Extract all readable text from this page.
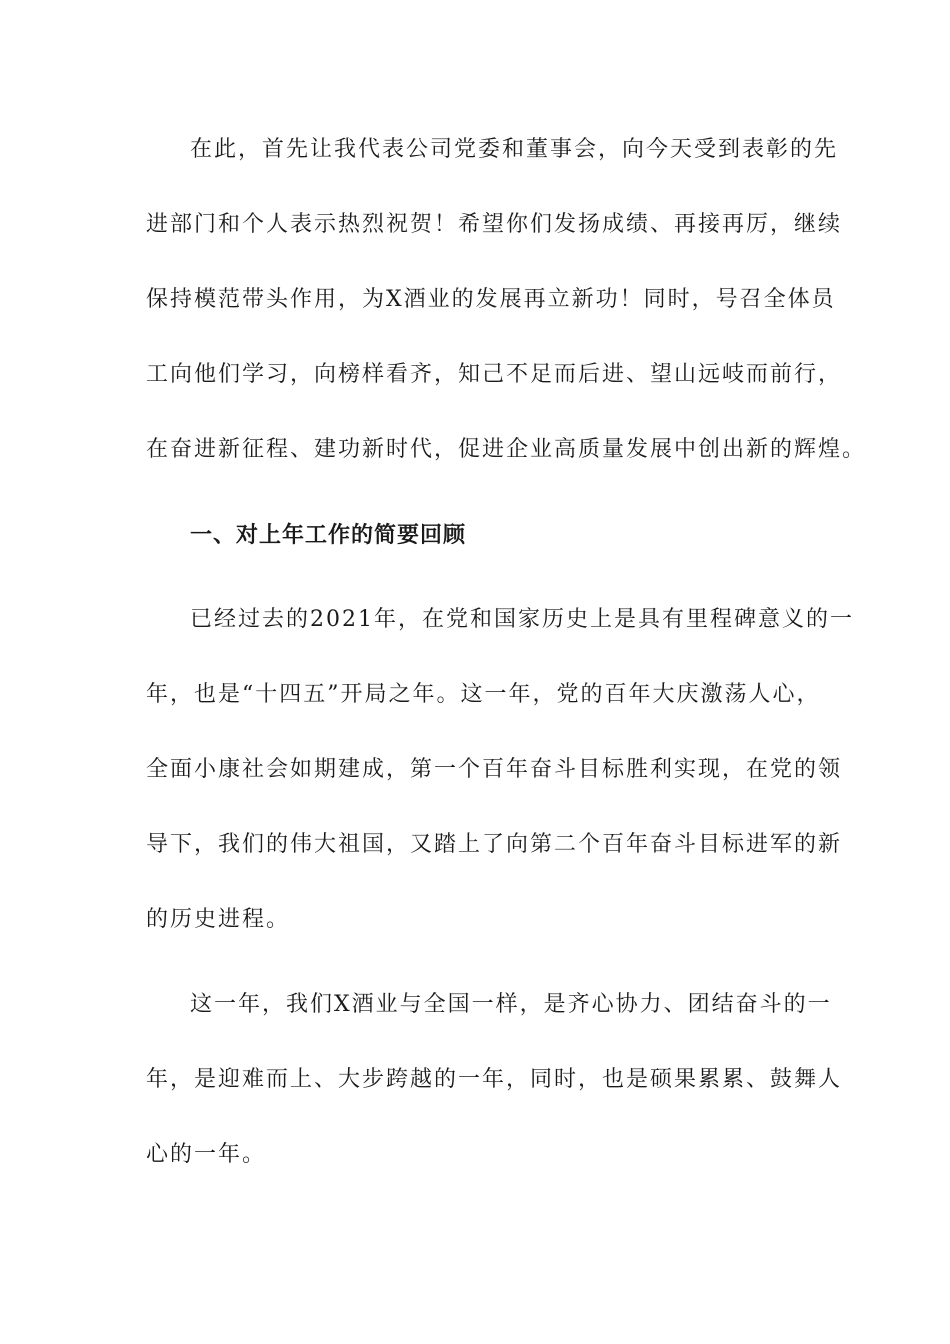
在此，首先让我代表公司党委和董事会，向今天受到表彰的先
进部门和个人表示热烈祝贺！希望你们发扬成绩、再接再厉，继续
保持模范带头作用，为X酒业的发展再立新功！同时，号召全体员
工向他们学习，向榜样看齐，知己不足而后进、望山远岐而前行，
在奋进新征程、建功新时代，促进企业高质量发展中创出新的辉煌。
一、对上年工作的简要回顾
已经过去的2021年，在党和国家历史上是具有里程碑意义的一
年，也是“十四五”开局之年。这一年，党的百年大庆激荡人心，
全面小康社会如期建成，第一个百年奋斗目标胜利实现，在党的领
导下，我们的伟大祖国，又踏上了向第二个百年奋斗目标进军的新
的历史进程。
这一年，我们X酒业与全国一样，是齐心协力、团结奋斗的一
年，是迎难而上、大步跨越的一年，同时，也是硕果累累、鼓舞人
心的一年。
